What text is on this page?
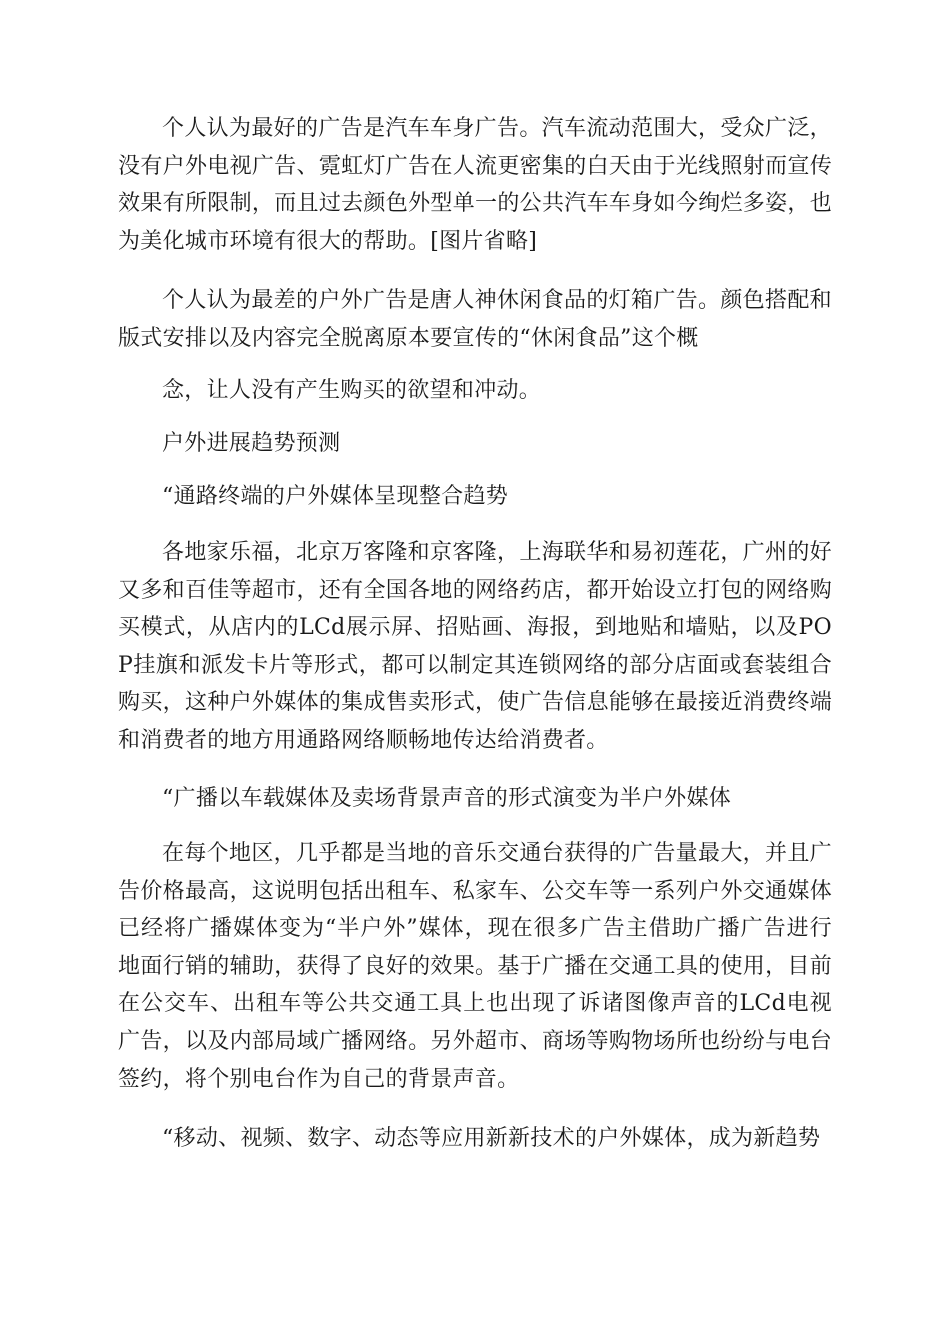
个人认为最好的广告是汽车车身广告。汽车流动范围大，受众广泛，没有户外电视广告、霓虹灯广告在人流更密集的白天由于光线照射而宣传效果有所限制，而且过去颜色外型单一的公共汽车车身如今绚烂多姿，也为美化城市环境有很大的帮助。[图片省略]

个人认为最差的户外广告是唐人神休闲食品的灯箱广告。颜色搭配和版式安排以及内容完全脱离原本要宣传的“休闲食品”这个概

念，让人没有产生购买的欲望和冲动。

户外进展趋势预测

“通路终端的户外媒体呈现整合趋势

各地家乐福，北京万客隆和京客隆，上海联华和易初莲花，广州的好又多和百佳等超市，还有全国各地的网络药店，都开始设立打包的网络购买模式，从店内的LCd展示屏、招贴画、海报，到地贴和墙贴，以及POP挂旗和派发卡片等形式，都可以制定其连锁网络的部分店面或套装组合购买，这种户外媒体的集成售卖形式，使广告信息能够在最接近消费终端和消费者的地方用通路网络顺畅地传达给消费者。

“广播以车载媒体及卖场背景声音的形式演变为半户外媒体

在每个地区，几乎都是当地的音乐交通台获得的广告量最大，并且广告价格最高，这说明包括出租车、私家车、公交车等一系列户外交通媒体已经将广播媒体变为“半户外”媒体，现在很多广告主借助广播广告进行地面行销的辅助，获得了良好的效果。基于广播在交通工具的使用，目前在公交车、出租车等公共交通工具上也出现了诉诸图像声音的LCd电视广告，以及内部局域广播网络。另外超市、商场等购物场所也纷纷与电台签约，将个别电台作为自己的背景声音。

“移动、视频、数字、动态等应用新新技术的户外媒体，成为新趋势
